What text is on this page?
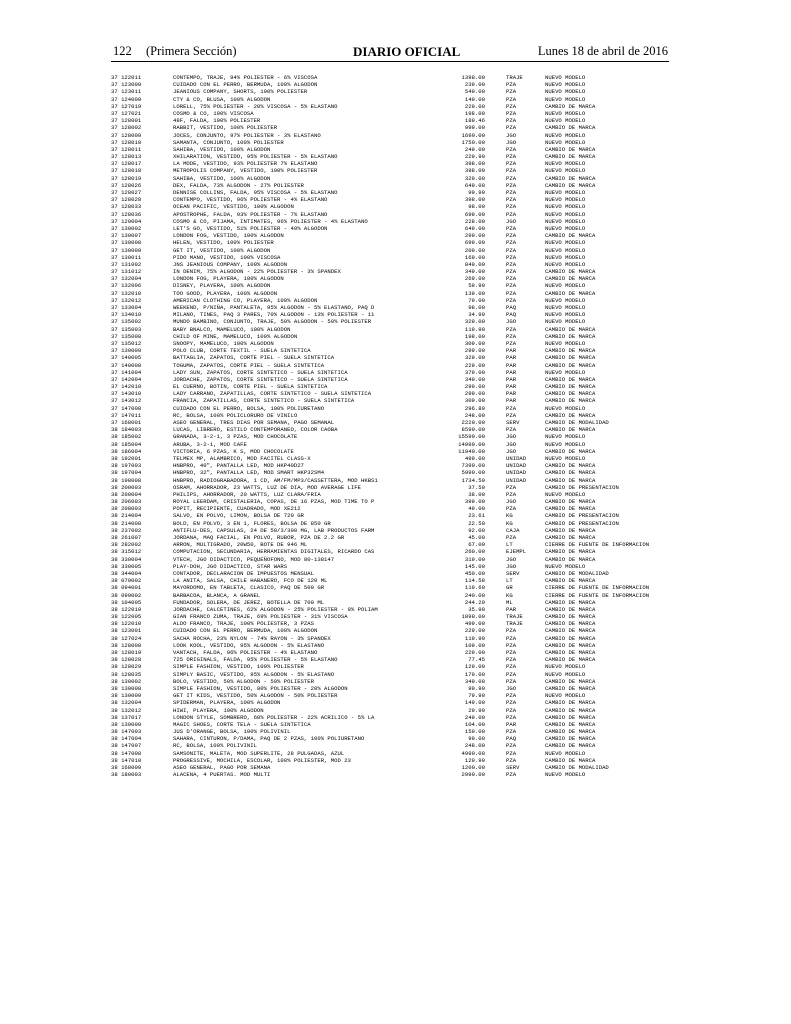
122 (Primera Sección)	DIARIO OFICIAL	Lunes 18 de abril de 2016
37 122011	CONTEMPO, TRAJE, 94% POLIESTER - 6% VISCOSA	1398.00	TRAJE	NUEVO MODELO
37 123009	CUIDADO CON EL PERRO, BERMUDA, 100% ALGODON	239.00	PZA	NUEVO MODELO
37 123011	JEANIOUS COMPANY, SHORTS, 100% POLIESTER	549.00	PZA	NUEVO MODELO
37 124009	CTY & CO, BLUSA, 100% ALGODON	149.00	PZA	NUEVO MODELO
37 127019	LORELL, 75% POLIESTER - 20% VISCOSA - 5% ELASTANO	229.00	PZA	CAMBIO DE MARCA
37 127021	COSMO & CO, 100% VISCOSA	198.00	PZA	NUEVO MODELO
37 128001	48F, FALDA, 100% POLIESTER	189.46	PZA	NUEVO MODELO
37 128002	RABBIT, VESTIDO, 100% POLIESTER	999.00	PZA	CAMBIO DE MARCA
37 128009	JOCES, CONJUNTO, 97% POLIESTER - 3% ELASTANO	1699.00	JGO	NUEVO MODELO
37 128010	SAMANTA, CONJUNTO, 100% POLIESTER	1759.00	JGO	NUEVO MODELO
37 128011	SAHIBA, VESTIDO, 100% ALGODON	249.00	PZA	CAMBIO DE MARCA
37 128013	XHILARATION, VESTIDO, 95% POLIESTER - 5% ELASTANO	229.90	PZA	CAMBIO DE MARCA
37 128017	LA MODE, VESTIDO, 93% POLIESTER 7% ELASTANO	398.00	PZA	NUEVO MODELO
37 128018	METROPOLIS COMPANY, VESTIDO, 100% POLIESTER	398.00	PZA	NUEVO MODELO
37 128019	SAHIBA, VESTIDO, 100% ALGODON	329.00	PZA	CAMBIO DE MARCA
37 128026	DEX, FALDA, 73% ALGODON - 27% POLIESTER	649.00	PZA	CAMBIO DE MARCA
37 128027	DENNISE COLLINS, FALDA, 95% VISCOSA - 5% ELASTANO	99.99	PZA	NUEVO MODELO
37 128028	CONTEMPO, VESTIDO, 96% POLIESTER - 4% ELASTANO	398.00	PZA	NUEVO MODELO
37 128033	OCEAN PACIFIC, VESTIDO, 100% ALGODON	98.00	PZA	NUEVO MODELO
37 128036	APOSTROPHE, FALDA, 93% POLIESTER - 7% ELASTANO	699.00	PZA	NUEVO MODELO
37 129004	COSMO & CO, PIJAMA, INTIMATES, 96% POLIESTER - 4% ELASTANO	228.00	JGO	NUEVO MODELO
37 130002	LET'S GO, VESTIDO, 51% POLIESTER - 49% ALGODON	649.00	PZA	NUEVO MODELO
37 130007	LONDON FOG, VESTIDO, 100% ALGODON	299.00	PZA	CAMBIO DE MARCA
37 130008	HELEN, VESTIDO, 100% POLIESTER	699.00	PZA	NUEVO MODELO
37 130009	GET IT, VESTIDO, 100% ALGODON	209.00	PZA	NUEVO MODELO
37 130011	PIDO MANO, VESTIDO, 100% VISCOSA	169.00	PZA	NUEVO MODELO
37 131002	JNS JEANIOUS COMPANY, 100% ALGODON	849.00	PZA	NUEVO MODELO
37 131012	IN DENIM, 75% ALGODON - 22% POLIESTER - 3% SPANDEX	349.00	PZA	CAMBIO DE MARCA
37 132004	LONDON FOG, PLAYERA, 100% ALGODON	269.00	PZA	CAMBIO DE MARCA
37 132006	DISNEY, PLAYERA, 100% ALGODON	59.90	PZA	NUEVO MODELO
37 132010	TOO GOOD, PLAYERA, 100% ALGODON	139.00	PZA	CAMBIO DE MARCA
37 132012	AMERICAN CLOTHING CO, PLAYERA, 100% ALGODON	79.00	PZA	NUEVO MODELO
37 133004	WEEKEND, P/NIÑA, PANTALETA, 95% ALGODON - 5% ELASTANO, PAQ D	98.00	PAQ	NUEVO MODELO
37 134010	MILANO, TINES, PAQ 3 PARES, 70% ALGODON - 13% POLIESTER - 11	34.99	PAQ	NUEVO MODELO
37 135002	MUNDO BAMBINO, CONJUNTO, TRAJE, 50% ALGODON - 50% POLIESTER	329.00	JGO	NUEVO MODELO
37 135003	BABY BNALCO, MAMELUCO, 100% ALGODON	119.90	PZA	CAMBIO DE MARCA
37 135008	CHILD OF MINE, MAMELUCO, 100% ALGODON	198.00	PZA	CAMBIO DE MARCA
37 135012	SNOOPY, MAMELUCO, 100% ALGODON	309.00	PZA	NUEVO MODELO
37 139009	POLO CLUB, CORTE TEXTIL - SUELA SINTETICA	299.00	PAR	CAMBIO DE MARCA
37 140005	BATTAGLIA, ZAPATOS, CORTE PIEL - SUELA SINTETICA	329.00	PAR	CAMBIO DE MARCA
37 140008	TOGUMA, ZAPATOS, CORTE PIEL - SUELA SINTETICA	229.00	PAR	CAMBIO DE MARCA
37 141004	LADY SUN, ZAPATOS, CORTE SINTETICO - SUELA SINTETICA	379.00	PAR	NUEVO MODELO
37 142004	JORDACHE, ZAPATOS, CORTE SINTETICO - SUELA SINTETICA	349.00	PAR	CAMBIO DE MARCA
37 142010	EL CUERNO, BOTIN, CORTE PIEL - SUELA SINTETICA	299.00	PAR	CAMBIO DE MARCA
37 143010	LADY CARRANO, ZAPATILLAS, CORTE SINTETICO - SUELA SINTETICA	299.00	PAR	CAMBIO DE MARCA
37 143012	FRANCIA, ZAPATILLAS, CORTE SINTETICO - SUELA SINTETICA	309.00	PAR	CAMBIO DE MARCA
37 147008	CUIDADO CON EL PERRO, BOLSA, 100% POLIURETANO	296.80	PZA	NUEVO MODELO
37 147011	RC, BOLSA, 100% POLICLORURO DE VINILO	248.00	PZA	CAMBIO DE MARCA
37 168001	ASEO GENERAL, TRES DIAS POR SEMANA, PAGO SEMANAL	2220.00	SERV	CAMBIO DE MODALIDAD
38 184003	LUCAS, LIBRERO, ESTILO CONTEMPORANEO, COLOR CAOBA	8599.00	PZA	CAMBIO DE MARCA
38 185002	GRANADA, 3-2-1, 3 PZAS, MOD CHOCOLATE	15599.00	JGO	NUEVO MODELO
38 185004	ARUBA, 3-2-1, MOD CAFE	14999.00	JGO	NUEVO MODELO
38 186004	VICTORIA, 6 PZAS, K S, MOD CHOCOLATE	11949.00	JGO	CAMBIO DE MARCA
38 192001	TELMEX MP, ALAMBRICO, MOD FACITEL CLASS-X	499.00	UNIDAD	NUEVO MODELO
38 197003	HNBPRO, 40", PANTALLA LED, MOD HKP40D27	7399.00	UNIDAD	CAMBIO DE MARCA
38 197004	HNBPRO, 32", PANTALLA LED, MOD SMART HKP32SM4	5999.00	UNIDAD	CAMBIO DE MARCA
38 198008	HNBPRO, RADIOGRABADORA, 1 CD, AM/FM/MP3/CASSETTERA, MOD HKBS1	1734.50	UNIDAD	CAMBIO DE MARCA
38 200003	OSRAM, AHORRADOR, 23 WATTS, LUZ DE DIA, MOD AVERAGE LIFE	37.50	PZA	CAMBIO DE PRESENTACION
38 200004	PHILIPS, AHORRADOR, 20 WATTS, LUZ CLARA/FRIA	38.00	PZA	NUEVO MODELO
38 206003	ROYAL LEERDAM, CRISTALERIA, COPAS, DE 16 PZAS, MOD TIME TO P	399.00	JGO	CAMBIO DE MARCA
38 208003	POPIT, RECIPIENTE, CUADRADO, MOD XE212	49.00	PZA	CAMBIO DE MARCA
38 214004	SALVO, EN POLVO, LIMON, BOLSA DE 720 GR	23.61	KG	CAMBIO DE PRESENTACION
38 214008	BOLD, EN POLVO, 3 EN 1, FLORES, BOLSA DE 850 GR	22.50	KG	CAMBIO DE PRESENTACION
38 237002	ANTIFLU-DES, CAPSULAS, 24 DE 50/3/300 MG, LAB PRODUCTOS FARM	92.00	CAJA	CAMBIO DE MARCA
38 261007	JORDANA, MAQ FACIAL, EN POLVO, RUBOR, PZA DE 2.2 GR	45.00	PZA	CAMBIO DE MARCA
38 282002	ARRON, MULTIGRADO, 20W50, BOTE DE 946 ML	67.00	LT	CIERRE DE FUENTE DE INFORMACION
38 315012	COMPUTACION, SECUNDARIA, HERRAMIENTAS DIGITALES, RICARDO CAS	260.00	EJEMPL	CAMBIO DE MARCA
38 330004	VTECH, JGO DIDACTICO, PEQUEÑOFONO, MOD 80-138147	319.00	JGO	CAMBIO DE MARCA
38 330005	PLAY-DOH, JGO DIDACTICO, STAR WARS	145.00	JGO	NUEVO MODELO
38 344004	CONTADOR, DECLARACION DE IMPUESTOS MENSUAL	450.00	SERV	CAMBIO DE MODALIDAD
38 079002	LA ANITA, SALSA, CHILE HABANERO, FCO DE 120 ML	114.58	LT	CAMBIO DE MARCA
38 094001	MAYORDOMO, EN TABLETA, CLASICO, PAQ DE 500 GR	119.60	GR	CIERRE DE FUENTE DE INFORMACION
38 099002	BARBACOA, BLANCA, A GRANEL	240.00	KG	CIERRE DE FUENTE DE INFORMACION
38 104005	FUNDADOR, SOLERA, DE JEREZ, BOTELLA DE 700 ML	244.29	ML	CAMBIO DE MARCA
38 122010	JORDACHE, CALCETINES, 62% ALGODON - 25% POLIESTER - 9% POLIAM	35.90	PAR	CAMBIO DE MARCA
38 122005	GIAN FRANCO ZUMA, TRAJE, 69% POLIESTER - 31% VISCOSA	1898.00	TRAJE	CAMBIO DE MARCA
38 122010	ALDO FRANCO, TRAJE, 100% POLIESTER, 3 PZAS	499.00	TRAJE	CAMBIO DE MARCA
38 123001	CUIDADO CON EL PERRO, BERMUDA, 100% ALGODON	229.00	PZA	CAMBIO DE MARCA
38 127024	SACHA ROCHA, 23% NYLON - 74% RAYON - 3% SPANDEX	119.99	PZA	CAMBIO DE MARCA
38 128008	LOOK KOOL, VESTIDO, 95% ALGODON - 5% ELASTANO	109.00	PZA	CAMBIO DE MARCA
38 128019	VANTACH, FALDA, 96% POLIESTER - 4% ELASTANO	229.00	PZA	CAMBIO DE MARCA
38 128028	725 ORIGINALS, FALDA, 95% POLIESTER - 5% ELASTANO	77.45	PZA	CAMBIO DE MARCA
38 128029	SIMPLE FASHION, VESTIDO, 100% POLIESTER	129.00	PZA	NUEVO MODELO
38 128035	SIMPLY BASIC, VESTIDO, 95% ALGODON - 5% ELASTANO	179.00	PZA	NUEVO MODELO
38 130002	BOLO, VESTIDO, 50% ALGODON - 50% POLIESTER	349.00	PZA	CAMBIO DE MARCA
38 130008	SIMPLE FASHION, VESTIDO, 80% POLIESTER - 20% ALGODON	99.90	JGO	CAMBIO DE MARCA
38 130009	GET IT KIDS, VESTIDO, 50% ALGODON - 50% POLIESTER	79.90	PZA	NUEVO MODELO
38 132004	SPIDERMAN, PLAYERA, 100% ALGODON	149.00	PZA	CAMBIO DE MARCA
38 132012	HIWI, PLAYERA, 100% ALGODON	29.99	PZA	CAMBIO DE MARCA
38 137017	LONDON STYLE, SOMBRERO, 60% POLIESTER - 22% ACRILICO - 5% LA	249.00	PZA	CAMBIO DE MARCA
38 139009	MAGIC SHOES, CORTE TELA - SUELA SINTETICA	104.00	PAR	CAMBIO DE MARCA
38 147003	JUS D'ORANGE, BOLSA, 100% POLIVINIL	159.00	PZA	CAMBIO DE MARCA
38 147004	SAHARA, CINTURON, P/DAMA, PAQ DE 2 PZAS, 100% POLIURETANO	99.00	PAQ	CAMBIO DE MARCA
38 147007	RC, BOLSA, 100% POLIVINIL	248.00	PZA	CAMBIO DE MARCA
38 147008	SAMSONITE, MALETA, MOD SUPERLITE, 28 PULGADAS, AZUL	4999.00	PZA	NUEVO MODELO
38 147010	PROGRESSIVE, MOCHILA, ESCOLAR, 100% POLIESTER, MOD 23	129.99	PZA	CAMBIO DE MARCA
38 168009	ASEO GENERAL, PAGO POR SEMANA	1200.00	SERV	CAMBIO DE MODALIDAD
38 180003	ALACENA, 4 PUERTAS. MOD MULTI	2999.00	PZA	NUEVO MODELO
